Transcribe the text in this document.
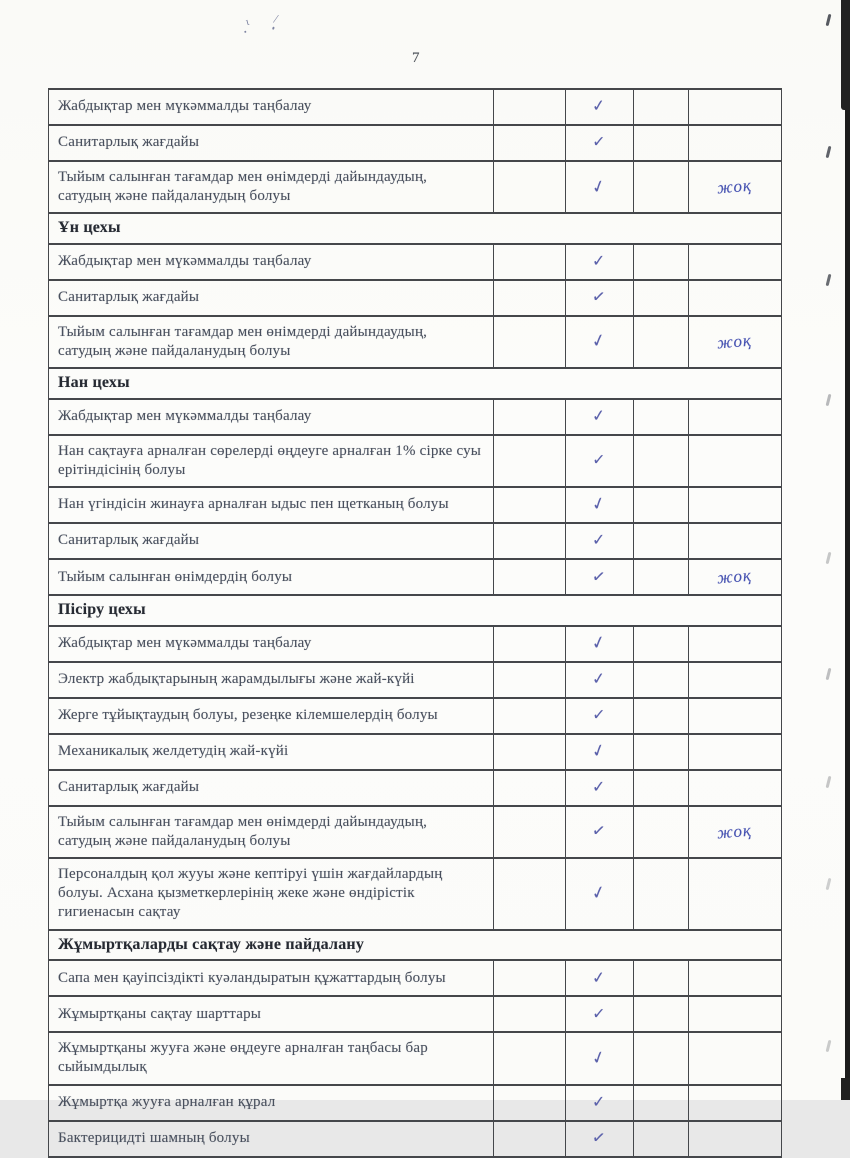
ι /
7
Жабдықтар мен мүкәммалды таңбалау		✓		
Санитарлық жағдайы		✓		
Тыйым салынған тағамдар мен өнімдерді дайындаудың, сатудың және пайдаланудың болуы		✓		жоқ
Ұн цехы				
Жабдықтар мен мүкәммалды таңбалау		✓		
Санитарлық жағдайы		✓		
Тыйым салынған тағамдар мен өнімдерді дайындаудың, сатудың және пайдаланудың болуы		✓		жоқ
Нан цехы				
Жабдықтар мен мүкәммалды таңбалау		✓		
Нан сақтауға арналған сөрелерді өңдеуге арналған 1% сірке суы ерітіндісінің болуы		✓		
Нан үгіндісін жинауға арналған ыдыс пен щетканың болуы		✓		
Санитарлық жағдайы		✓		
Тыйым салынған өнімдердің болуы		✓		жоқ
Пісіру цехы				
Жабдықтар мен мүкәммалды таңбалау		✓		
Электр жабдықтарының жарамдылығы және жай-күйі		✓		
Жерге тұйықтаудың болуы, резеңке кілемшелердің болуы		✓		
Механикалық желдетудің жай-күйі		✓		
Санитарлық жағдайы		✓		
Тыйым салынған тағамдар мен өнімдерді дайындаудың, сатудың және пайдаланудың болуы		✓		жоқ
Персоналдың қол жууы және кептіруі үшін жағдайлардың болуы. Асхана қызметкерлерінің жеке және өндірістік гигиенасын сақтау		✓		
Жұмыртқаларды сақтау және пайдалану				
Сапа мен қауіпсіздікті куәландыратын құжаттардың болуы		✓		
Жұмыртқаны сақтау шарттары		✓		
Жұмыртқаны жууға және өңдеуге арналған таңбасы бар сыйымдылық		✓		
Жұмыртқа жууға арналған құрал		✓		
Бактерицидті шамның болуы		✓		
